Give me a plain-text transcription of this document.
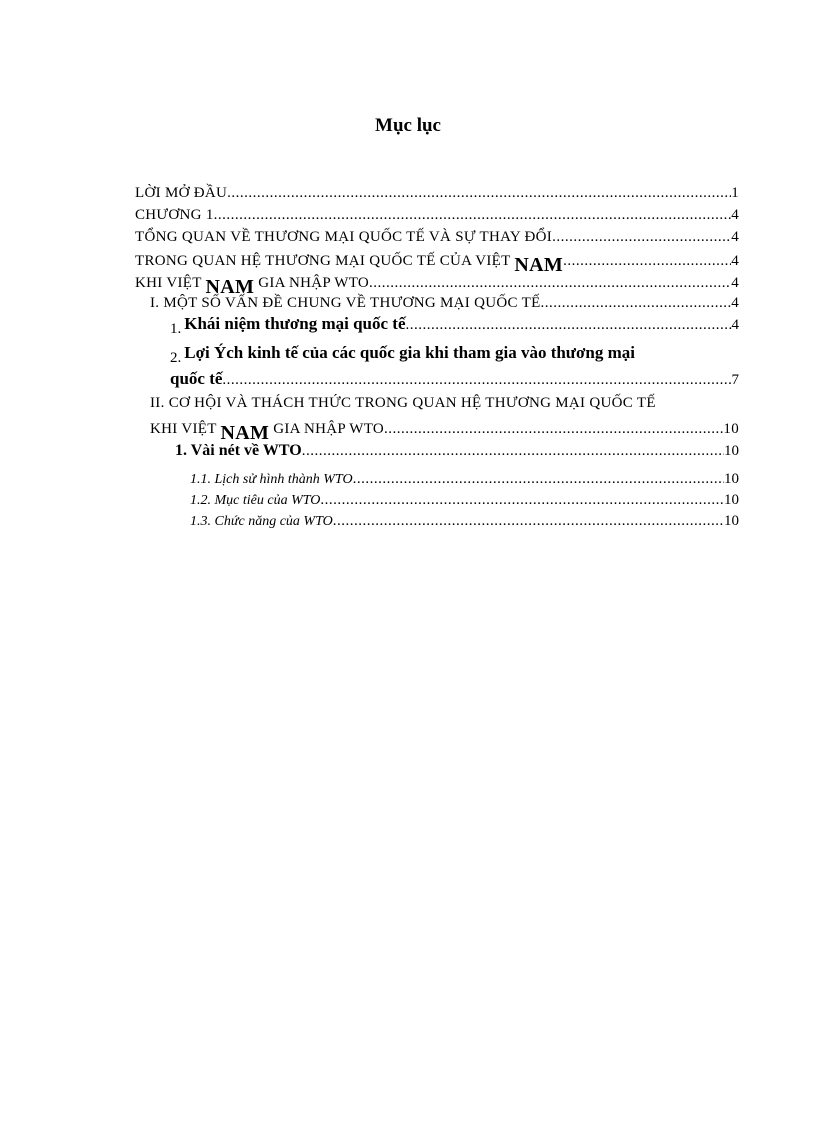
Mục lục
LỜI MỞ ĐẦU .....	1
CHƯƠNG 1 .....	4
TỔNG QUAN VỀ THƯƠNG MẠI QUỐC TẾ VÀ SỰ THAY ĐỔI .....	4
TRONG QUAN HỆ THƯƠNG MẠI QUỐC TẾ CỦA VIỆT NAM .....	4
KHI VIỆT NAM GIA NHẬP WTO .....	4
I. MỘT SỐ VẤN ĐỀ CHUNG VỀ THƯƠNG MẠI QUỐC TẾ .....	4
1. Khái niệm thương mại quốc tế .....	4
2. Lợi Ých kinh tế của các quốc gia khi tham gia vào thương mại
quốc tế .....	7
II. CƠ HỘI VÀ THÁCH THỨC TRONG QUAN HỆ THƯƠNG MẠI QUỐC TẾ
KHI VIỆT NAM GIA NHẬP WTO .....	10
1. Vài nét về WTO .....	10
1.1. Lịch sử hình thành WTO .....	10
1.2. Mục tiêu của WTO .....	10
1.3. Chức năng của WTO .....	10
